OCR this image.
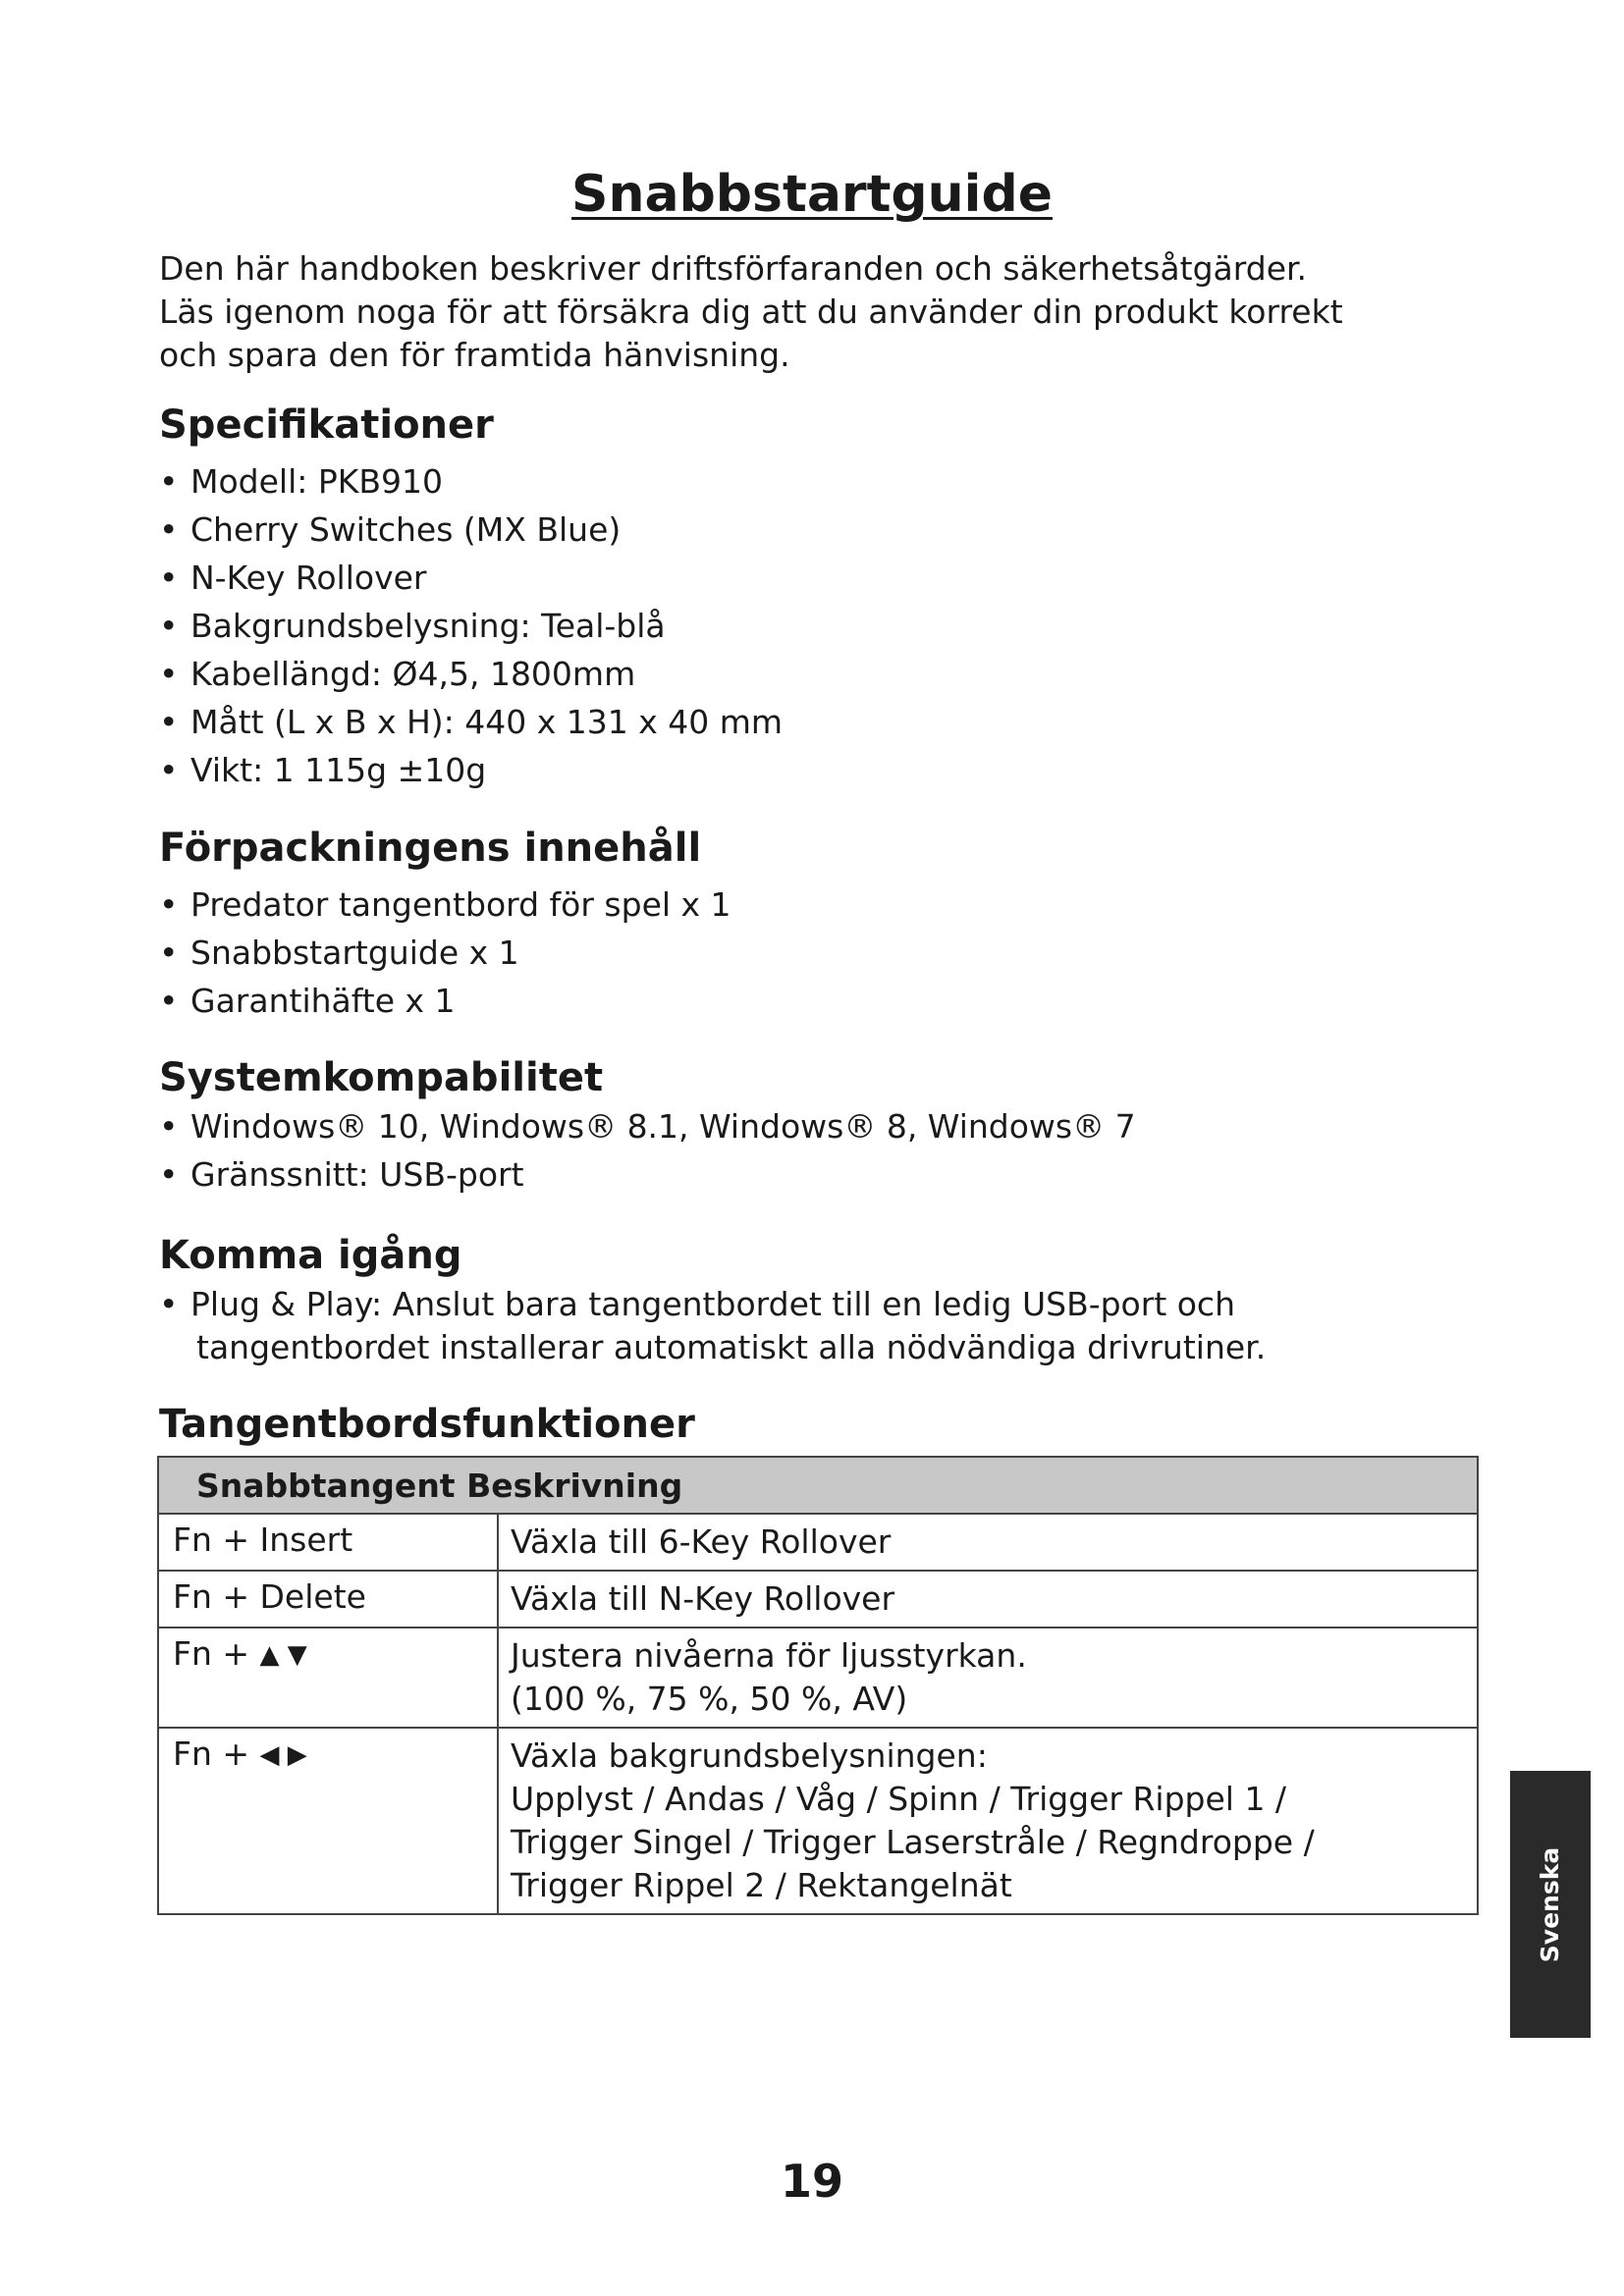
Snabbstartguide

Den här handboken beskriver driftsförfaranden och säkerhetsåtgärder.
Läs igenom noga för att försäkra dig att du använder din produkt korrekt
och spara den för framtida hänvisning.

Specifikationer
• Modell: PKB910
• Cherry Switches (MX Blue)
• N-Key Rollover
• Bakgrundsbelysning: Teal-blå
• Kabellängd: Ø4,5, 1800mm
• Mått (L x B x H): 440 x 131 x 40 mm
• Vikt: 1 115g ±10g
Förpackningens innehåll
• Predator tangentbord för spel x 1
• Snabbstartguide x 1
• Garantihäfte x 1
Systemkompabilitet
• Windows® 10, Windows® 8.1, Windows® 8, Windows® 7
• Gränssnitt: USB-port
Komma igång
• Plug & Play: Anslut bara tangentbordet till en ledig USB-port och
tangentbordet installerar automatiskt alla nödvändiga drivrutiner.
Tangentbordsfunktioner
Snabbtangent Beskrivning	
Fn + Insert	Växla till 6-Key Rollover

Fn + Delete	Växla till N-Key Rollover

Fn + ▲ ▼	Justera nivåerna för ljusstyrkan.
(100 %, 75 %, 50 %, AV)

Fn + ◀ ▶	Växla bakgrundsbelysningen:
Upplyst / Andas / Våg / Spinn / Trigger Rippel 1 /
Trigger Singel / Trigger Laserstråle / Regndroppe /
Trigger Rippel 2 / Rektangelnät	Svenska

19
